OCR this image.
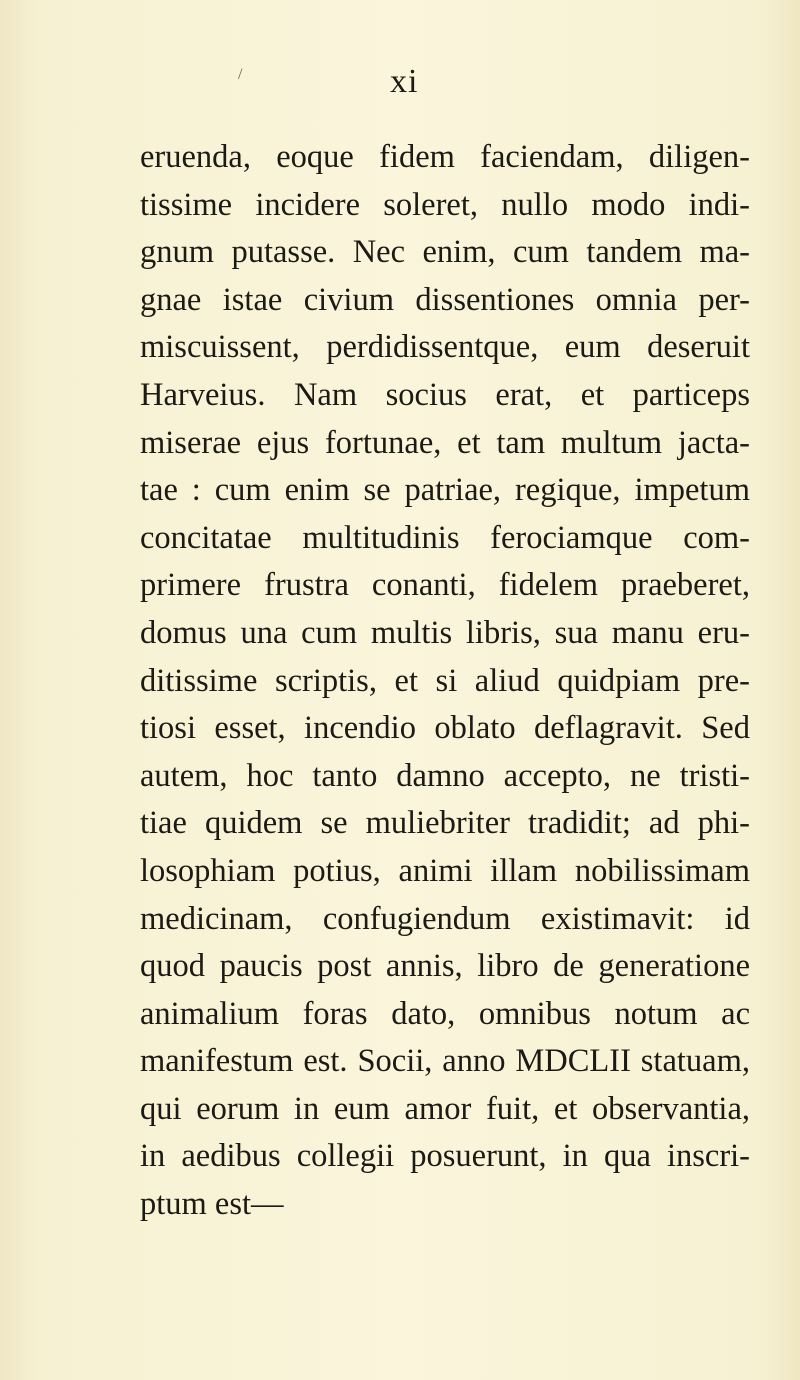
/	xi
eruenda, eoque fidem faciendam, diligen-
tissime incidere soleret, nullo modo indi-
gnum putasse. Nec enim, cum tandem ma-
gnae istae civium dissentiones omnia per-
miscuissent, perdidissentque, eum deseruit
Harveius. Nam socius erat, et particeps
miserae ejus fortunae, et tam multum jacta-
tae : cum enim se patriae, regique, impetum
concitatae multitudinis ferociamque com-
primere frustra conanti, fidelem praeberet,
domus una cum multis libris, sua manu eru-
ditissime scriptis, et si aliud quidpiam pre-
tiosi esset, incendio oblato deflagravit. Sed
autem, hoc tanto damno accepto, ne tristi-
tiae quidem se muliebriter tradidit; ad phi-
losophiam potius, animi illam nobilissimam
medicinam, confugiendum existimavit: id
quod paucis post annis, libro de generatione
animalium foras dato, omnibus notum ac
manifestum est. Socii, anno MDCLII statuam,
qui eorum in eum amor fuit, et observantia,
in aedibus collegii posuerunt, in qua inscri-
ptum est—
